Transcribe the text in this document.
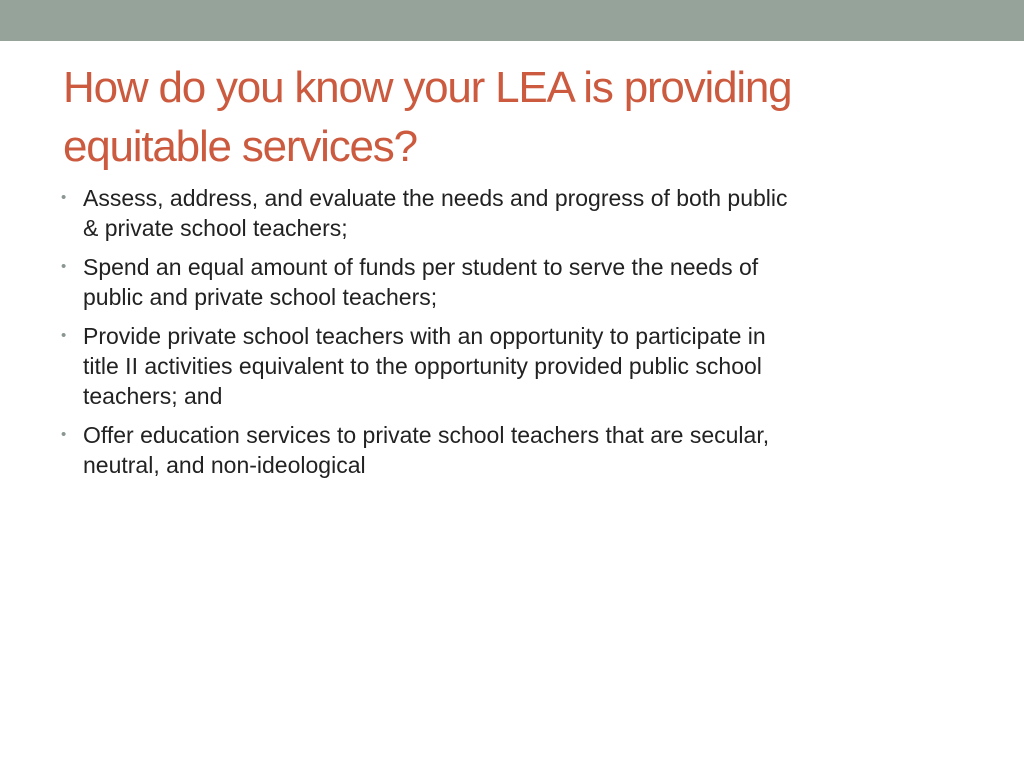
How do you know your LEA is providing
equitable services?
• Assess, address, and evaluate the needs and progress of both public
& private school teachers;
• Spend an equal amount of funds per student to serve the needs of
public and private school teachers;
• Provide private school teachers with an opportunity to participate in
title II activities equivalent to the opportunity provided public school
teachers; and
• Offer education services to private school teachers that are secular,
neutral, and non-ideological
